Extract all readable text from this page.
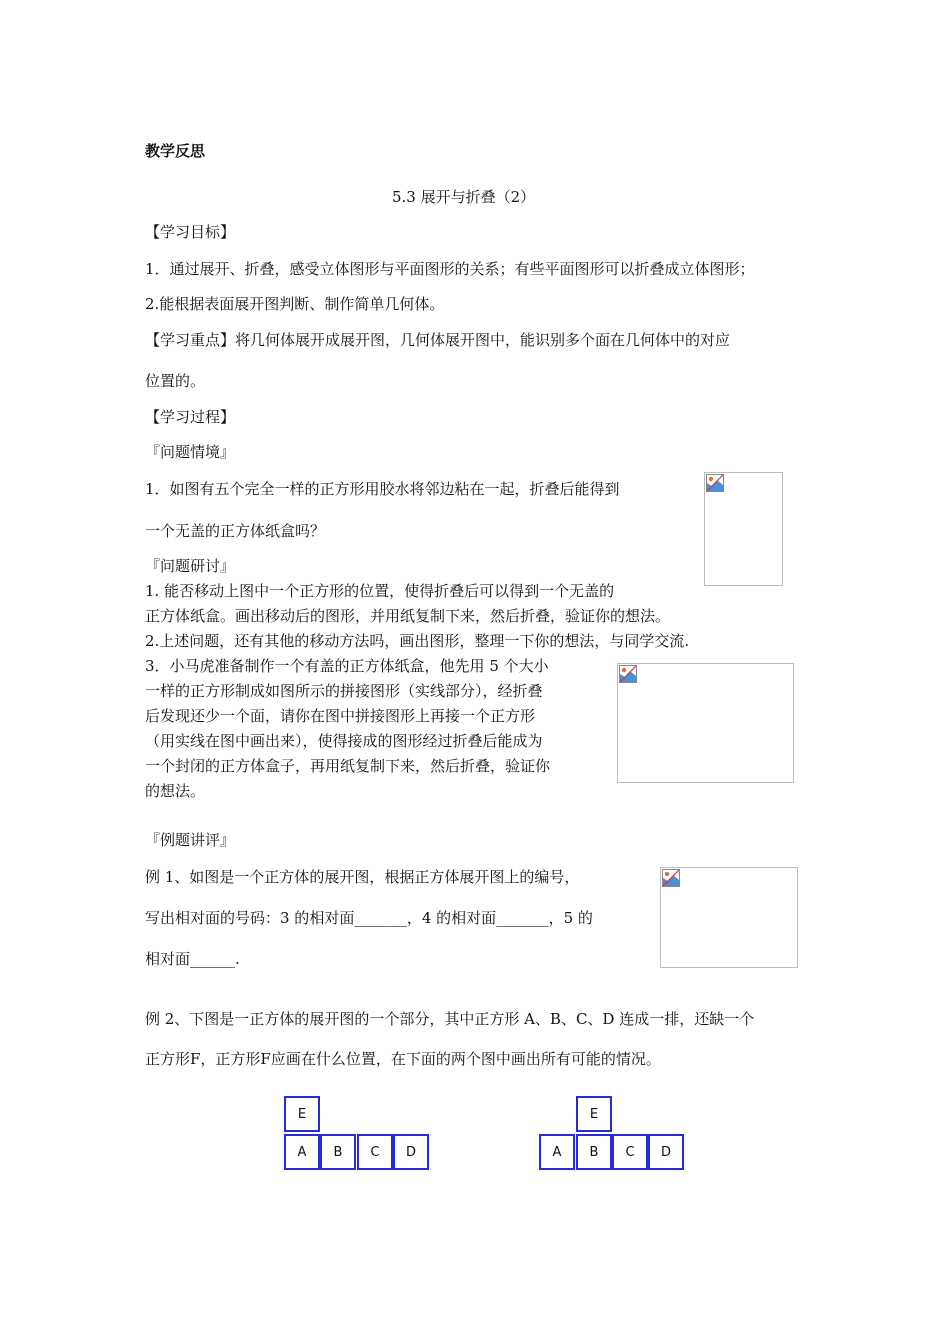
教学反思
5.3 展开与折叠（2）
【学习目标】
1．通过展开、折叠，感受立体图形与平面图形的关系；有些平面图形可以折叠成立体图形；
2.能根据表面展开图判断、制作简单几何体。
【学习重点】将几何体展开成展开图，几何体展开图中，能识别多个面在几何体中的对应
位置的。
【学习过程】
『问题情境』
1．如图有五个完全一样的正方形用胶水将邻边粘在一起，折叠后能得到
一个无盖的正方体纸盒吗？
『问题研讨』
1. 能否移动上图中一个正方形的位置，使得折叠后可以得到一个无盖的
正方体纸盒。画出移动后的图形，并用纸复制下来，然后折叠，验证你的想法。
2.上述问题，还有其他的移动方法吗，画出图形，整理一下你的想法，与同学交流.
3．小马虎准备制作一个有盖的正方体纸盒，他先用 5 个大小
一样的正方形制成如图所示的拼接图形（实线部分），经折叠
后发现还少一个面，请你在图中拼接图形上再接一个正方形
（用实线在图中画出来），使得接成的图形经过折叠后能成为
一个封闭的正方体盒子，再用纸复制下来，然后折叠，验证你
的想法。
『例题讲评』
例 1、如图是一个正方体的展开图，根据正方体展开图上的编号，
写出相对面的号码：3 的相对面_______，4 的相对面_______，5 的
相对面______.
例 2、下图是一正方体的展开图的一个部分，其中正方形 A、B、C、D 连成一排，还缺一个
正方形F，正方形F应画在什么位置，在下面的两个图中画出所有可能的情况。
E
A	B	C	D
E
A	B	C	D
